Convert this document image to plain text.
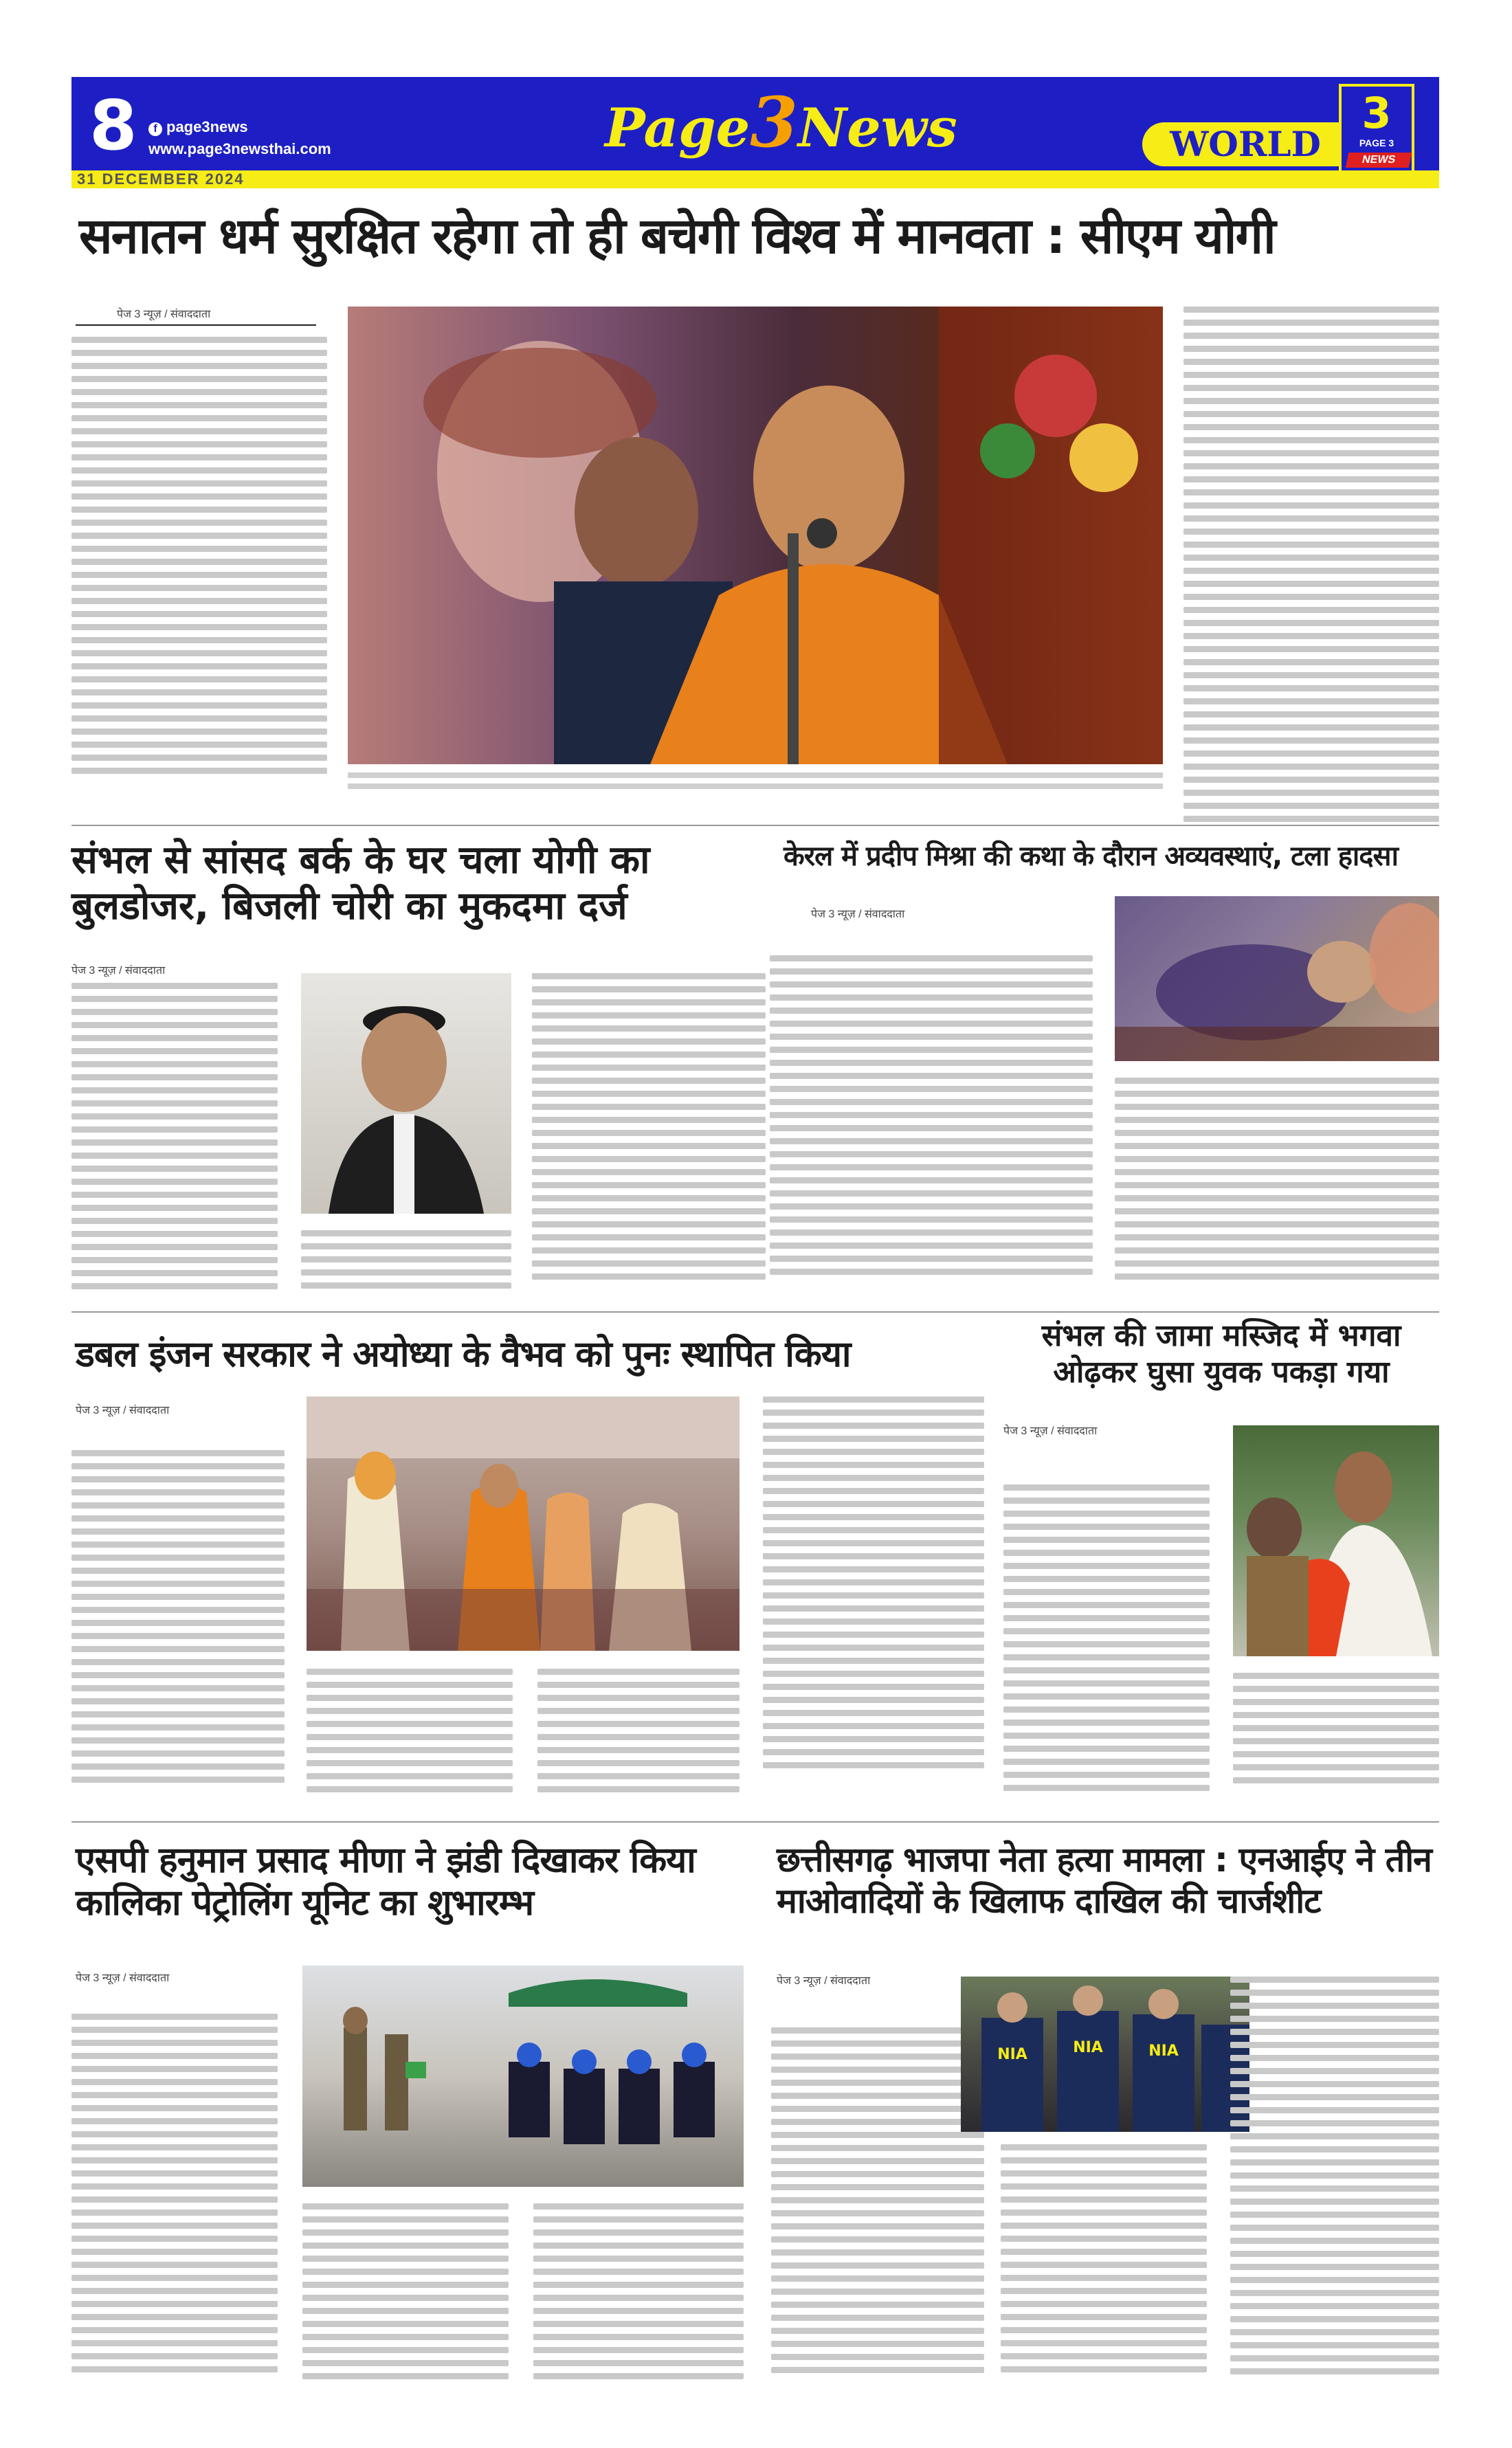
8	f page3news
www.page3newsthai.com
31 DECEMBER 2024
Page3News	WORLD
3
PAGE 3
NEWS
सनातन धर्म सुरक्षित रहेगा तो ही बचेगी विश्व में मानवता : सीएम योगी
पेज 3 न्यूज़ / संवाददाता
संभल से सांसद बर्क के घर चला योगी का बुलडोजर, बिजली चोरी का मुकदमा दर्ज
पेज 3 न्यूज़ / संवाददाता
केरल में प्रदीप मिश्रा की कथा के दौरान अव्यवस्थाएं, टला हादसा
पेज 3 न्यूज़ / संवाददाता
डबल इंजन सरकार ने अयोध्या के वैभव को पुनः स्थापित किया
पेज 3 न्यूज़ / संवाददाता
संभल की जामा मस्जिद में भगवा ओढ़कर घुसा युवक पकड़ा गया
पेज 3 न्यूज़ / संवाददाता
एसपी हनुमान प्रसाद मीणा ने झंडी दिखाकर किया कालिका पेट्रोलिंग यूनिट का शुभारम्भ
पेज 3 न्यूज़ / संवाददाता
छत्तीसगढ़ भाजपा नेता हत्या मामला : एनआईए ने तीन माओवादियों के खिलाफ दाखिल की चार्जशीट
पेज 3 न्यूज़ / संवाददाता
NIA	NIA	NIA
